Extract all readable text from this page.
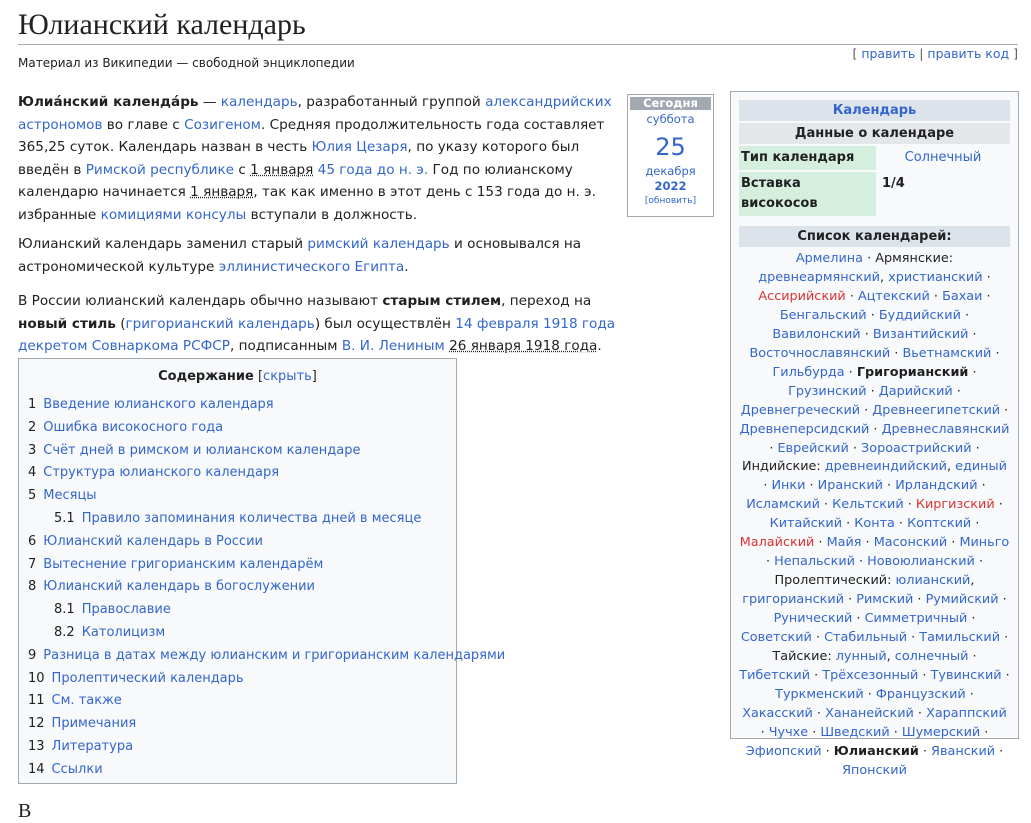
Юлианский календарь
Материал из Википедии — свободной энциклопедии
[ править | править код ]

Юлиа́нский календа́рь — календарь, разработанный группой александрийских астрономов во главе с Созигеном. Средняя продолжительность года составляет 365,25 суток. Календарь назван в честь Юлия Цезаря, по указу которого был введён в Римской республике с 1 января 45 года до н. э. Год по юлианскому календарю начинается 1 января, так как именно в этот день с 153 года до н. э. избранные комициями консулы вступали в должность.

Юлианский календарь заменил старый римский календарь и основывался на астрономической культуре эллинистического Египта.

В России юлианский календарь обычно называют старым стилем, переход на новый стиль (григорианский календарь) был осуществлён 14 февраля 1918 года декретом Совнаркома РСФСР, подписанным В. И. Лениным 26 января 1918 года.

Сегодня
суббота
25
декабря
2022
[обновить]
Содержание [скрыть]
1 Введение юлианского календаря
2 Ошибка високосного года
3 Счёт дней в римском и юлианском календаре
4 Структура юлианского календаря
5 Месяцы
5.1 Правило запоминания количества дней в месяце
6 Юлианский календарь в России
7 Вытеснение григорианским календарём
8 Юлианский календарь в богослужении
8.1 Православие
8.2 Католицизм
9 Разница в датах между юлианским и григорианским календарями
10 Пролептический календарь
11 См. также
12 Примечания
13 Литература
14 Ссылки
В
Календарь
Данные о календаре
Тип календаря	Солнечный
Вставка високосов
1/4
Список календарей:
Армелина · Армянские: древнеармянский, христианский · Ассирийский · Ацтекский · Бахаи · Бенгальский · Буддийский · Вавилонский · Византийский · Восточнославянский · Вьетнамский · Гильбурда · Григорианский · Грузинский · Дарийский · Древнегреческий · Древнеегипетский · Древнеперсидский · Древнеславянский · Еврейский · Зороастрийский · Индийские: древнеиндийский, единый · Инки · Иранский · Ирландский · Исламский · Кельтский · Киргизский · Китайский · Конта · Коптский · Малайский · Майя · Масонский · Миньго · Непальский · Новоюлианский · Пролептический: юлианский, григорианский · Римский · Румийский · Рунический · Симметричный · Советский · Стабильный · Тамильский · Тайские: лунный, солнечный · Тибетский · Трёхсезонный · Тувинский · Туркменский · Французский · Хакасский · Хананейский · Хараппский · Чучхе · Шведский · Шумерский · Эфиопский · Юлианский · Яванский · Японский
